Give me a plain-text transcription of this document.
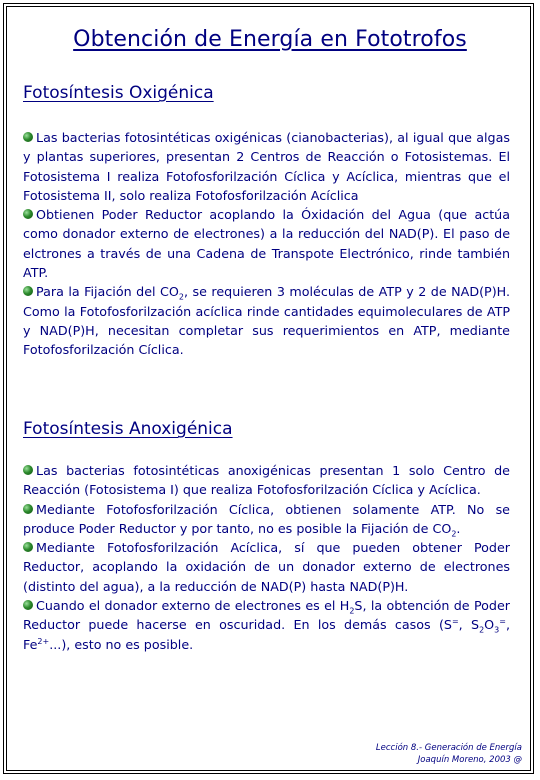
Obtención de Energía en Fototrofos
Fotosíntesis Oxigénica

Las bacterias fotosintéticas oxigénicas (cianobacterias), al igual que algas y plantas superiores, presentan 2 Centros de Reacción o Fotosistemas. El Fotosistema I realiza Fotofosforilzación Cíclica y Acíclica, mientras que el Fotosistema II, solo realiza Fotofosforilzación Acíclica

Obtienen Poder Reductor acoplando la Óxidación del Agua (que actúa como donador externo de electrones) a la reducción del NAD(P). El paso de elctrones a través de una Cadena de Transpote Electrónico, rinde también ATP.

Para la Fijación del $CO_2$, se requieren 3 moléculas de ATP y 2 de NAD(P)H. Como la Fotofosforilzación acíclica rinde cantidades equimoleculares de ATP y NAD(P)H, necesitan completar sus requerimientos en ATP, mediante Fotofosforilzación Cíclica.

Fotosíntesis Anoxigénica

Las bacterias fotosintéticas anoxigénicas presentan 1 solo Centro de Reacción (Fotosistema I) que realiza Fotofosforilzación Cíclica y Acíclica.

Mediante Fotofosforilzación Cíclica, obtienen solamente ATP. No se produce Poder Reductor y por tanto, no es posible la Fijación de $CO_2$.

Mediante Fotofosforilzación Acíclica, sí que pueden obtener Poder Reductor, acoplando la oxidación de un donador externo de electrones (distinto del agua), a la reducción de NAD(P) hasta NAD(P)H.

Cuando el donador externo de electrones es el $H_2S$, la obtención de Poder Reductor puede hacerse en oscuridad. En los demás casos (S=, $S_2O_3^=$, $Fe^{2+}$...), esto no es posible.

Lección 8.- Generación de Energía
Joaquín Moreno, 2003 @
